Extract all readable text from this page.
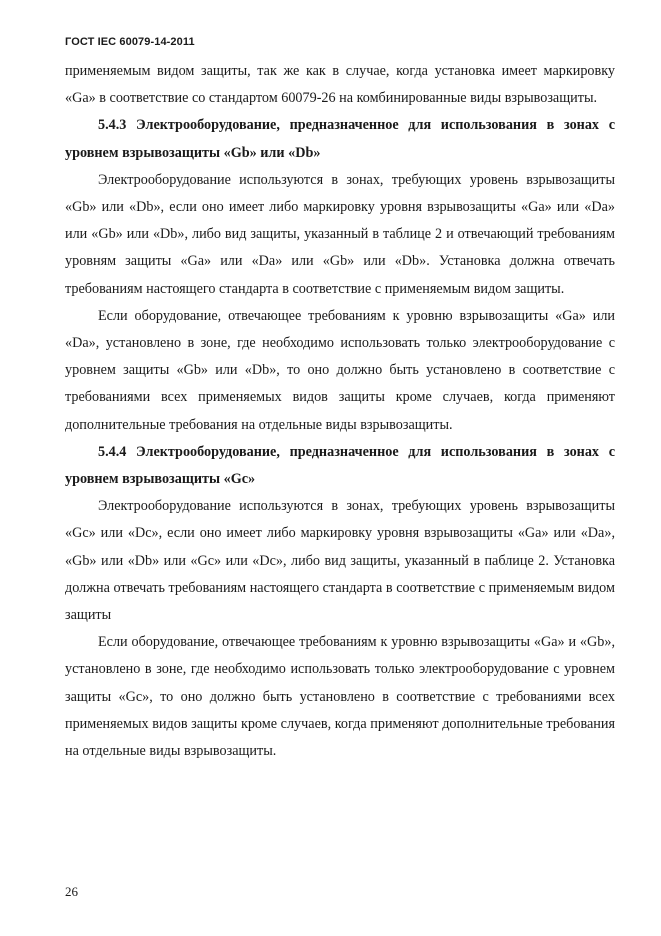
ГОСТ IEC 60079-14-2011

применяемым видом защиты, так же как в случае, когда установка имеет маркировку «Ga» в соответствие со стандартом 60079-26 на комбинированные виды взрывозащиты.

5.4.3 Электрооборудование, предназначенное для использования в зонах с уровнем взрывозащиты «Gb» или «Db»

Электрооборудование используются в зонах, требующих уровень взрывозащиты «Gb» или «Db», если оно имеет либо маркировку уровня взрывозащиты «Ga» или «Da» или «Gb» или «Db», либо вид защиты, указанный в таблице 2 и отвечающий требованиям уровням защиты «Ga» или «Da» или «Gb» или «Db». Установка должна отвечать требованиям настоящего стандарта в соответствие с применяемым видом защиты.

Если оборудование, отвечающее требованиям к уровню взрывозащиты «Ga» или «Da», установлено в зоне, где необходимо использовать только электрооборудование с уровнем защиты «Gb» или «Db», то оно должно быть установлено в соответствие с требованиями всех применяемых видов защиты кроме случаев, когда применяют дополнительные требования на отдельные виды взрывозащиты.

5.4.4 Электрооборудование, предназначенное для использования в зонах с уровнем взрывозащиты «Gc»

Электрооборудование используются в зонах, требующих уровень взрывозащиты «Gc» или «Dc», если оно имеет либо маркировку уровня взрывозащиты «Ga» или «Da», «Gb» или «Db» или «Gc» или «Dc», либо вид защиты, указанный в паблице 2. Установка должна отвечать требованиям настоящего стандарта в соответствие с применяемым видом защиты

Если оборудование, отвечающее требованиям к уровню взрывозащиты «Ga» и «Gb», установлено в зоне, где необходимо использовать только электрооборудование с уровнем защиты «Gc», то оно должно быть установлено в соответствие с требованиями всех применяемых видов защиты кроме случаев, когда применяют дополнительные требования на отдельные виды взрывозащиты.

26
